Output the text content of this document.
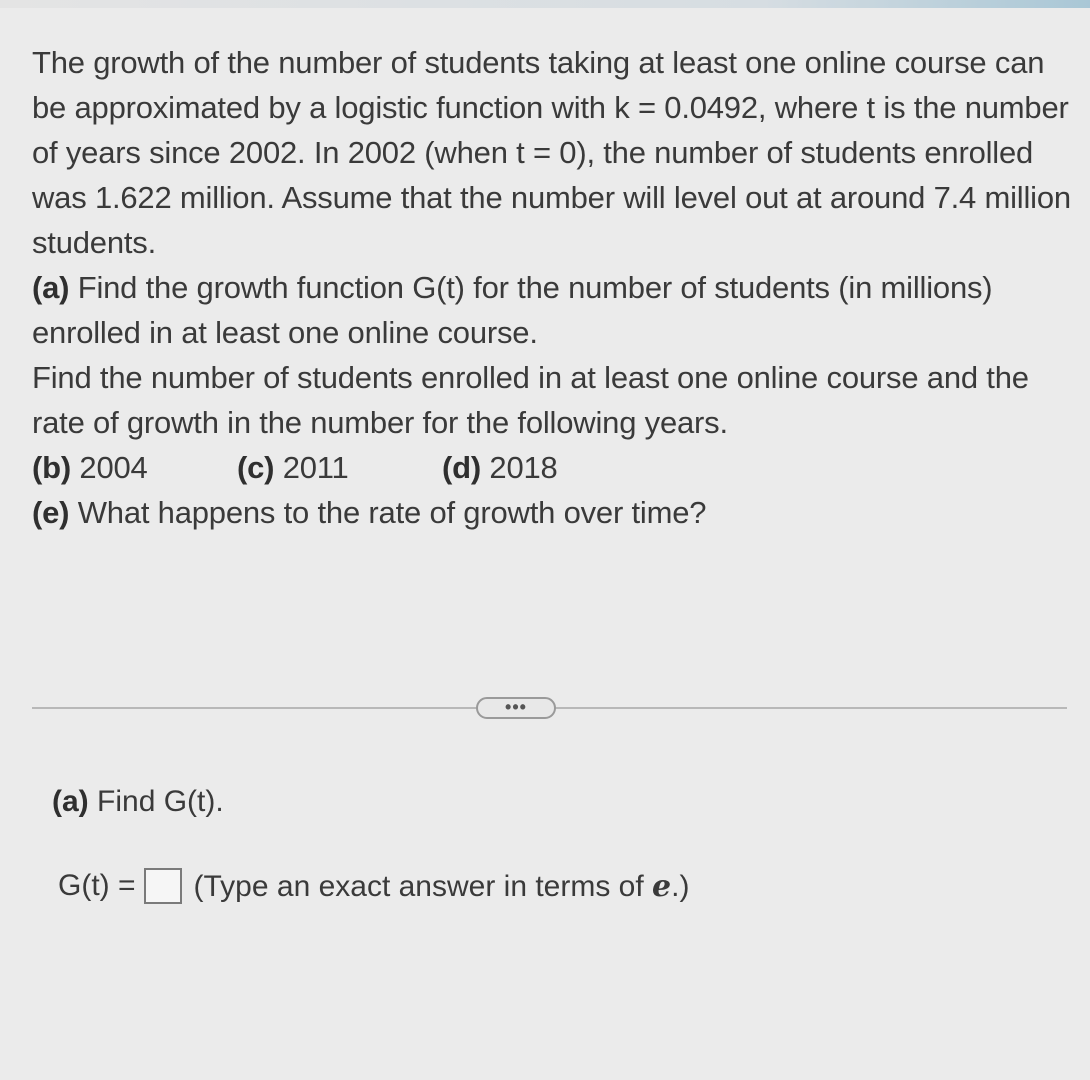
The growth of the number of students taking at least one online course can be approximated by a logistic function with k = 0.0492, where t is the number of years since 2002. In 2002 (when t = 0), the number of students enrolled was 1.622 million. Assume that the number will level out at around 7.4 million students.

(a) Find the growth function G(t) for the number of students (in millions) enrolled in at least one online course.

Find the number of students enrolled in at least one online course and the rate of growth in the number for the following years.

(b) 2004	(c) 2011	(d) 2018

(e) What happens to the rate of growth over time?

•••
(a) Find G(t).
G(t) = (Type an exact answer in terms of e.)
